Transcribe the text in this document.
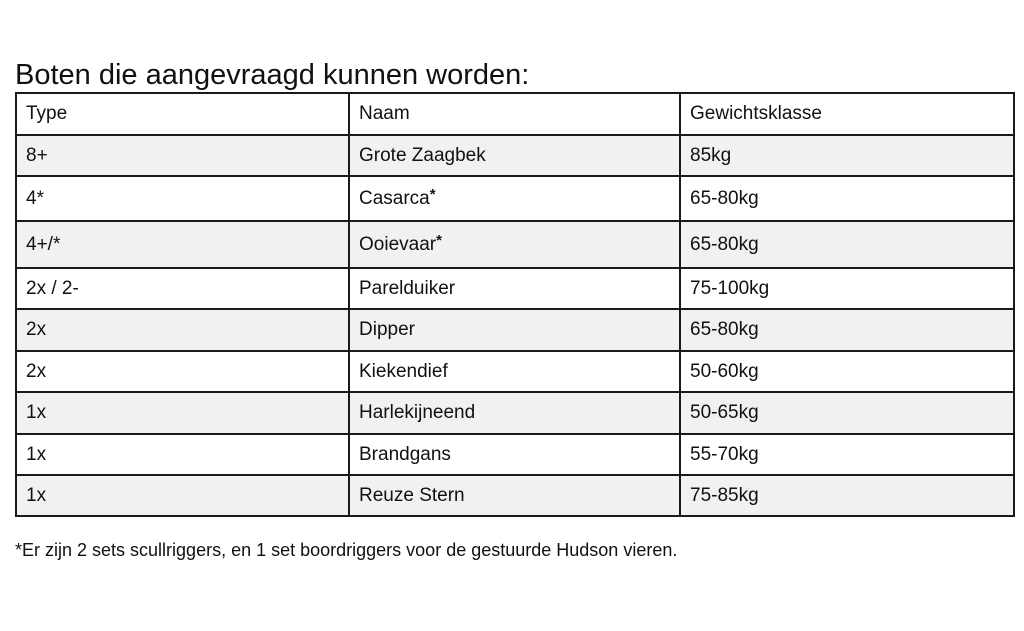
Boten die aangevraagd kunnen worden:
Type	Naam	Gewichtsklasse
8+	Grote Zaagbek	85kg
4*	Casarca*	65-80kg
4+/*	Ooievaar*	65-80kg
2x / 2-	Parelduiker	75-100kg
2x	Dipper	65-80kg
2x	Kiekendief	50-60kg
1x	Harlekijneend	50-65kg
1x	Brandgans	55-70kg
1x	Reuze Stern	75-85kg
*Er zijn 2 sets scullriggers, en 1 set boordriggers voor de gestuurde Hudson vieren.
